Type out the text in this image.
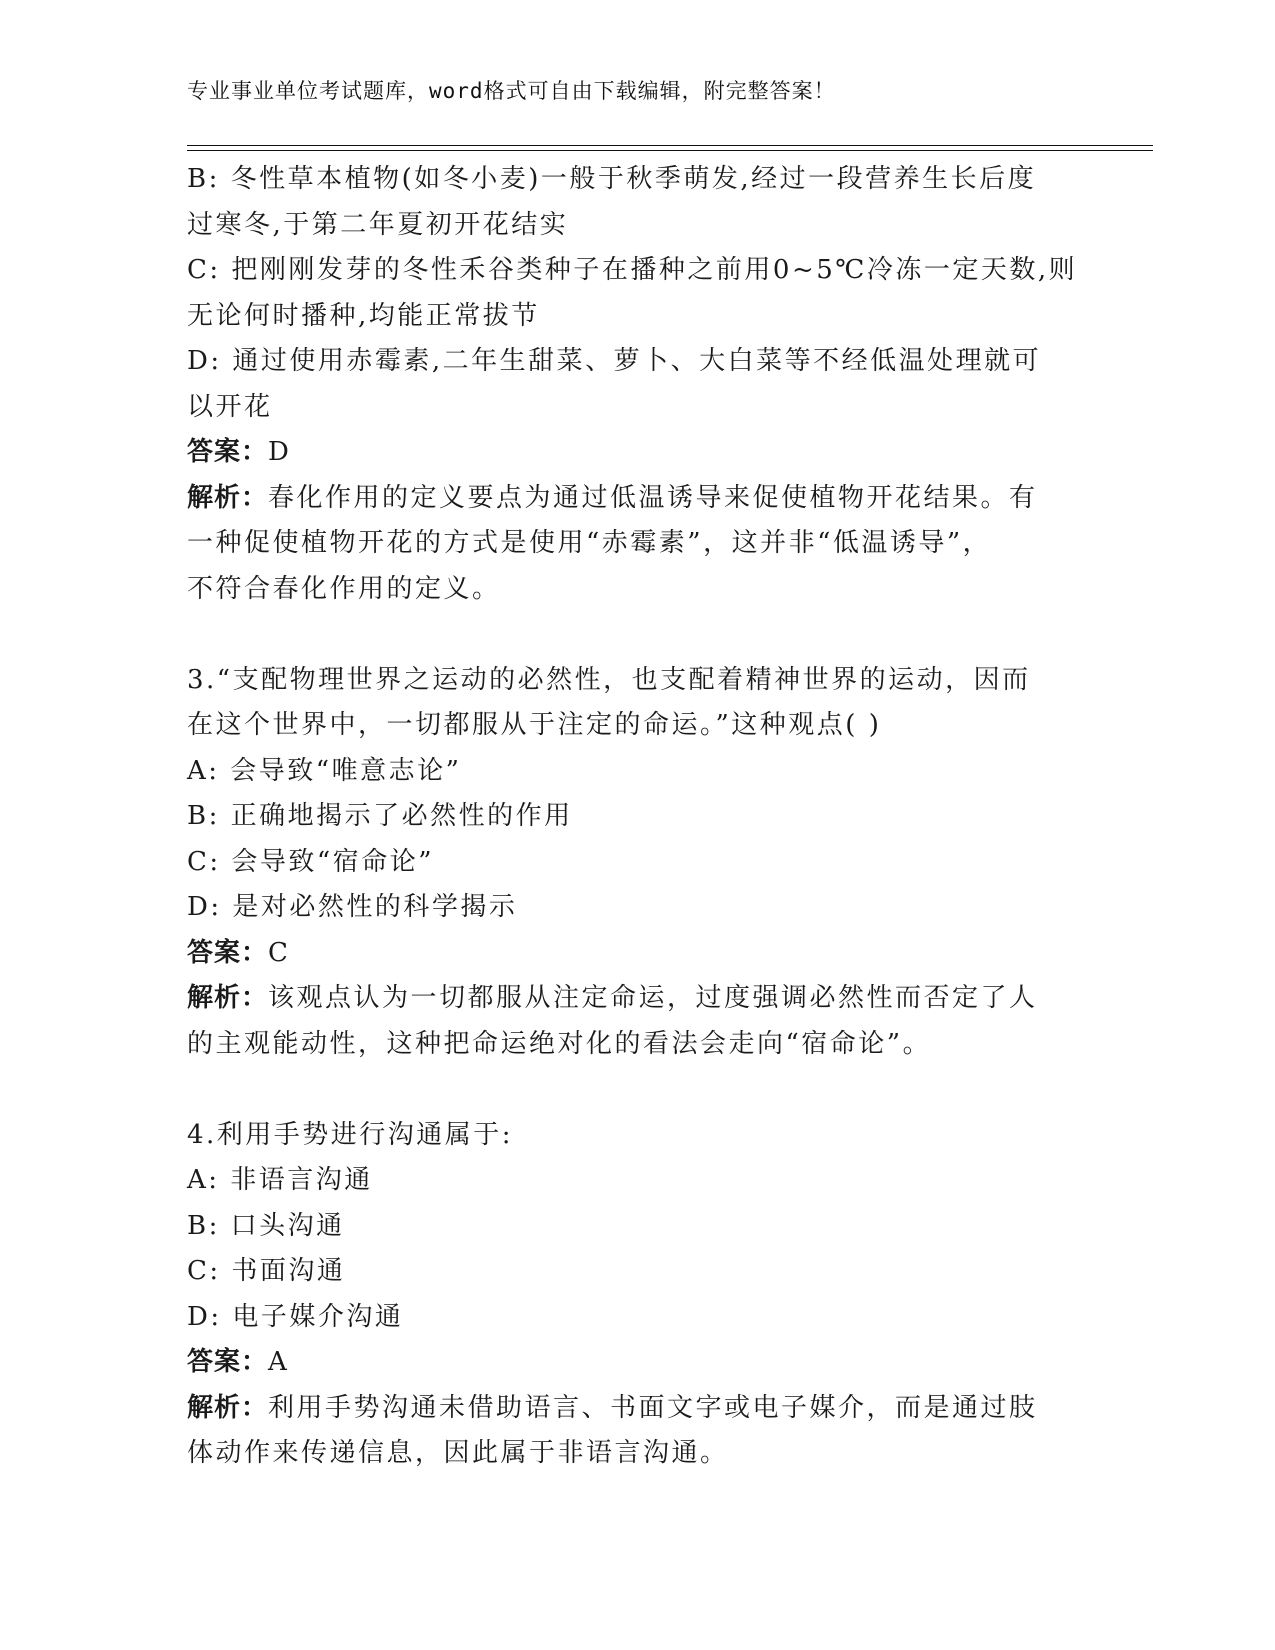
专业事业单位考试题库，word格式可自由下载编辑，附完整答案！
B: 冬性草本植物(如冬小麦)一般于秋季萌发,经过一段营养生长后度
过寒冬,于第二年夏初开花结实
C: 把刚刚发芽的冬性禾谷类种子在播种之前用0~5℃冷冻一定天数,则
无论何时播种,均能正常拔节
D: 通过使用赤霉素,二年生甜菜、萝卜、大白菜等不经低温处理就可
以开花
答案：D
解析：春化作用的定义要点为通过低温诱导来促使植物开花结果。有
一种促使植物开花的方式是使用“赤霉素”，这并非“低温诱导”，
不符合春化作用的定义。
3.“支配物理世界之运动的必然性，也支配着精神世界的运动，因而
在这个世界中，一切都服从于注定的命运。”这种观点( )
A: 会导致“唯意志论”
B: 正确地揭示了必然性的作用
C: 会导致“宿命论”
D: 是对必然性的科学揭示
答案：C
解析：该观点认为一切都服从注定命运，过度强调必然性而否定了人
的主观能动性，这种把命运绝对化的看法会走向“宿命论”。
4.利用手势进行沟通属于:
A: 非语言沟通
B: 口头沟通
C: 书面沟通
D: 电子媒介沟通
答案：A
解析：利用手势沟通未借助语言、书面文字或电子媒介，而是通过肢
体动作来传递信息，因此属于非语言沟通。
